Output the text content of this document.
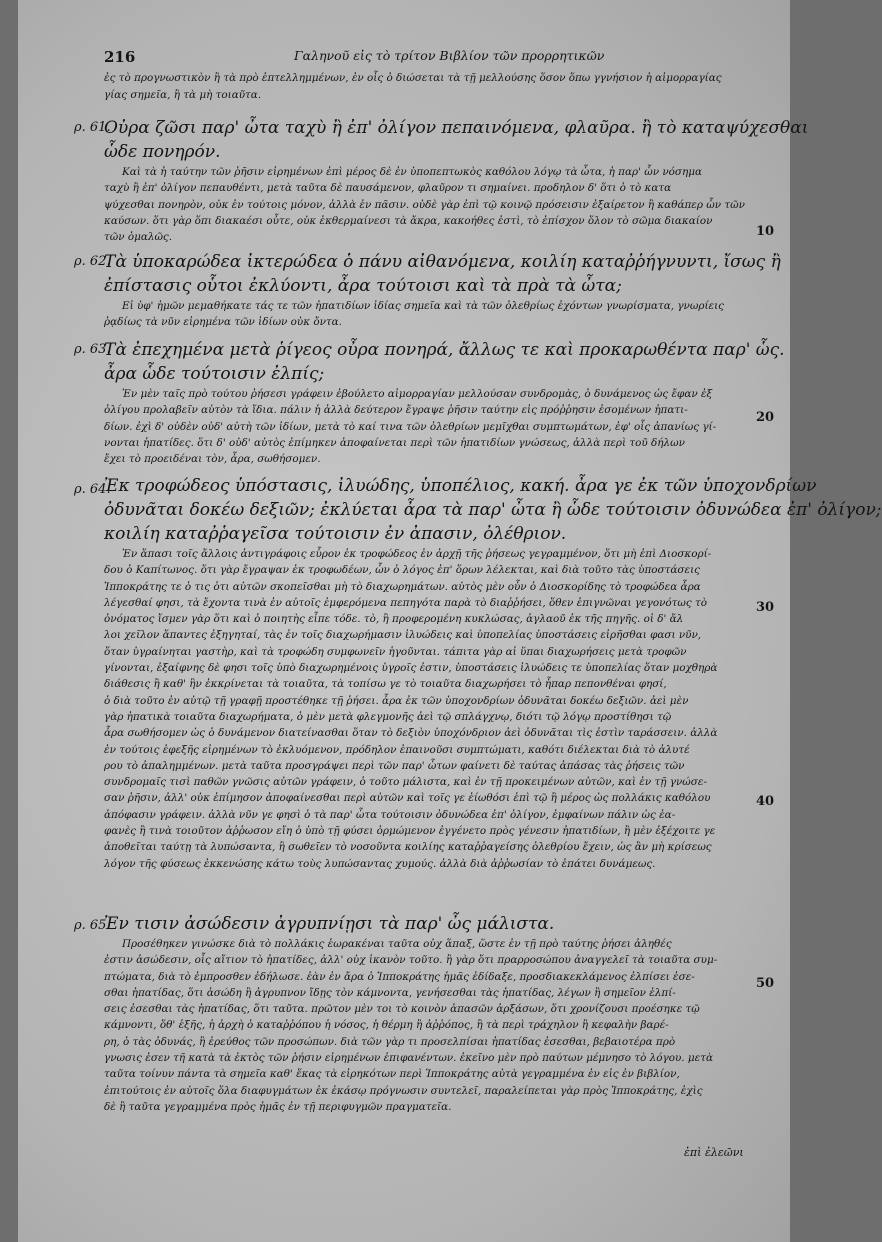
216	Γαληνοῦ εἰς τὸ τρίτον Βιβλίον τῶν προρρητικῶν

ἐς τὸ προγνωστικὸν ἢ τὰ πρὸ ἐπτελλημμένων, ἐν οἷς ὁ διώσεται τὰ τῇ μελλούσης ὅσον ὅπω γγνήσιον ἡ αἱμορραγίας

γίας σημεῖα, ἢ τὰ μὴ τοιαῦτα.

Οὐρα ζῶσι παρ' ὦτα ταχὺ ἢ ἐπ' ὀλίγον πεπαινόμενα, φλαῦρα. ἢ τὸ καταψύχεσθαι

ὧδε πονηρόν.

Καὶ τὰ ἡ ταύτην τῶν ῥῆσιν εἰρημένων ἐπὶ μέρος δὲ ἐν ὑποπεπτωκὸς καθόλου λόγῳ τὰ ὦτα, ἡ παρ' ὧν νόσημα

ταχὺ ἢ ἐπ' ὀλίγον πεπαυθέντι, μετὰ ταῦτα δὲ παυσάμενον, φλαῦρον τι σημαίνει. προδηλον δ' ὅτι ὁ τὸ κατα

ψύχεσθαι πονηρὸν, οὐκ ἐν τούτοις μόνον, ἀλλὰ ἐν πᾶσιν. οὐδὲ γὰρ ἐπὶ τῷ κοινῷ πρόσεισιν ἐξαίρετον ἢ καθάπερ ὧν τῶν

καύσων. ὅτι γὰρ ὅπι διακαέσι οὖτε, οὐκ ἐκθερμαίνεσι τὰ ἄκρα, κακοήθες ἐστὶ, τὸ ἐπίσχον ὅλον τὸ σῶμα διακαίον

τῶν ὁμαλῶς.

Τὰ ὑποκαρώδεα ἰκτερώδεα ὁ πάνυ αἰθανόμενα, κοιλίη καταῤῥήγνυντι, ἴσως ἢ

ἐπίστασις οὗτοι ἐκλύοντι, ἆρα τούτοισι καὶ τὰ πρὰ τὰ ὦτα;

Εἰ ὑφ' ἡμῶν μεμαθήκατε τάς τε τῶν ἠπατιδίων ἰδίας σημεῖα καὶ τὰ τῶν ὀλεθρίως ἐχόντων γνωρίσματα, γνωρίεις

ῥᾳδίως τὰ νῦν εἰρημένα τῶν ἰδίων οὐκ ὄντα.

Τὰ ἐπεχημένα μετὰ ῥίγεος οὖρα πονηρά, ἄλλως τε καὶ προκαρωθέντα παρ' ὧς.

ἆρα ὧδε τούτοισιν ἐλπίς;

Ἐν μὲν ταῖς πρὸ τούτου ῥήσεσι γράφειν ἐβούλετο αἱμορραγίαν μελλούσαν συνδρομὰς, ὁ δυνάμενος ὡς ἔφαν ἐξ

ὀλίγου προλαβεῖν αὐτὸν τὰ ἴδια. πάλιν ἡ ἀλλὰ δεύτερον ἔγραψε ῥῆσιν ταύτην εἰς πρόῤῥησιν ἐσομένων ἠπατι-

δίων. ἐχὶ δ' οὐδὲν οὐδ' αὐτὴ τῶν ἰδίων, μετὰ τὸ καί τινα τῶν ὀλεθρίων μεμῖχθαι συμπτωμάτων, ἐφ' οἷς ἀπανίως γί-

νονται ἠπατίδες. ὅτι δ' οὐδ' αὐτὸς ἐπίμηκεν ἀποφαίνεται περὶ τῶν ἠπατιδίων γνώσεως, ἀλλὰ περὶ τοῦ δήλων

ἔχει τὸ προειδέναι τὸν, ἆρα, σωθήσομεν.

Ἐκ τροφώδεος ὑπόστασις, ἰλυώδης, ὑποπέλιος, κακή. ἆρα γε ἐκ τῶν ὑποχονδρίων

ὀδυνᾶται δοκέω δεξιῶν; ἐκλύεται ἆρα τὰ παρ' ὦτα ἢ ὧδε τούτοισιν ὀδυνώδεα ἐπ' ὀλίγον;

κοιλίη καταῤῥαγεῖσα τούτοισιν ἐν ἀπασιν, ὀλέθριον.

Ἐν ἅπασι τοῖς ἄλλοις ἀντιγράφοις εὗρον ἐκ τροφώδεος ἐν ἀρχῇ τῆς ῥήσεως γεγραμμένον, ὅτι μὴ ἐπὶ Διοσκορί-

δου ὁ Καπίτωνος. ὅτι γὰρ ἔγραψαν ἐκ τροφωδέων, ὧν ὁ λόγος ἐπ' ὅρων λέλεκται, καὶ διὰ τοῦτο τὰς ὑποστάσεις

Ἱπποκράτης τε ὁ τις ὁτι αὐτῶν σκοπεῖσθαι μὴ τὸ διαχωρημάτων. αὐτὸς μὲν οὖν ὁ Διοσκορίδης τὸ τροφώδεα ἆρα

λέγεσθαί φησι, τὰ ἔχοντα τινὰ ἐν αὐτοῖς ἐμφερόμενα πεπηγότα παρὰ τὸ διαῤῥήσει, ὅθεν ἐπιγνῶναι γεγονότως τὸ

ὀνόματος ἴσμεν γὰρ ὅτι καὶ ὁ ποιητὴς εἶπε τόδε. τὸ, ἢ προφερομένη κυκλώσας, ἀγλαοῦ ἐκ τῆς πηγῆς. οἱ δ' ἄλ

λοι χεῖλον ἅπαντες ἐξηγηταί, τὰς ἐν τοῖς διαχωρήμασιν ἰλυώδεις καὶ ὑποπελίας ὑποστάσεις εἰρῆσθαι φασι νῦν,

ὅταν ὑγραίνηται γαστὴρ, καὶ τὰ τροφώδη συμφωνεῖν ἡγοῦνται. τάπιτα γὰρ αἱ ὕπαι διαχωρήσεις μετὰ τροφῶν

γίνονται, ἐξαίφνης δὲ φησι τοῖς ὑπὸ διαχωρημένοις ὑγροῖς ἐστιν, ὑποστάσεις ἰλυώδεις τε ὑποπελίας ὅταν μοχθηρὰ

διάθεσις ἢ καθ' ἣν ἐκκρίνεται τὰ τοιαῦτα, τὰ τοπίσω γε τὸ τοιαῦτα διαχωρήσει τὸ ἧπαρ πεπονθέναι φησί,

ὁ διὰ τοῦτο ἐν αὐτῷ τῇ γραφῇ προστέθηκε τῇ ῥήσει. ἆρα ἐκ τῶν ὑποχονδρίων ὀδυνᾶται δοκέω δεξιῶν. ἀεὶ μὲν

γὰρ ἠπατικὰ τοιαῦτα διαχωρήματα, ὁ μὲν μετὰ φλεγμονῆς ἀεὶ τῷ σπλάγχνῳ, διότι τῷ λόγῳ προστίθησι τῷ

ἆρα σωθήσομεν ὡς ὁ δυνάμενον διατείνασθαι ὅταν τὸ δεξιὸν ὑποχόνδριον ἀεὶ ὀδυνᾶται τὶς ἐστὶν ταράσσειν. ἀλλὰ

ἐν τούτοις ἐφεξῆς εἰρημένων τὸ ἐκλυόμενον, πρόδηλον ἐπαινοῦσι συμπτώματι, καθότι διέλεκται διὰ τὸ ἀλυτέ

ρου τὸ ἀπαλημμένων. μετὰ ταῦτα προσγράψει περὶ τῶν παρ' ὦτων φαίνετι δὲ ταύτας ἁπάσας τὰς ῥήσεις τῶν

συνδρομαῖς τισὶ παθῶν γνῶσις αὐτῶν γράφειν, ὁ τοῦτο μάλιστα, καὶ ἐν τῇ προκειμένων αὐτῶν, καὶ ἐν τῇ γνώσε-

σαν ῥῆσιν, ἀλλ' οὐκ ἐπίμησον ἀποφαίνεσθαι περὶ αὐτῶν καὶ τοῖς γε ἐίωθόσι ἐπὶ τῷ ἢ μέρος ὡς πολλάκις καθόλου

ἀπόφασιν γράφειν. ἀλλὰ νῦν γε φησὶ ὁ τὰ παρ' ὦτα τούτοισιν ὀδυνώδεα ἐπ' ὀλίγον, ἐμφαίνων πάλιν ὡς ἐα-

φανὲς ἢ τινὰ τοιοῦτον ἀῤῥωσον εἴη ὁ ὑπὸ τῇ φύσει ὁρμώμενον ἐγγένετο πρὸς γένεσιν ἠπατιδίων, ἢ μὲν ἐξέχοιτε γε

ἀποθεῖται ταύτῃ τὰ λυπώσαντα, ἢ σωθεῖεν τὸ νοσοῦντα κοιλίης καταῤῥαγείσης ὀλεθρίου ἔχειν, ὡς ἂν μὴ κρίσεως

λόγον τῆς φύσεως ἐκκενώσης κάτω τοὺς λυπώσαντας χυμούς. ἀλλὰ διὰ ἀῤῥωσίαν τὸ ἐπάτει δυνάμεως.

Ἐν τισιν ἀσώδεσιν ἀγρυπνίῃσι τὰ παρ' ὦς μάλιστα.

Προσέθηκεν γινώσκε διὰ τὸ πολλάκις ἑωρακέναι ταῦτα οὐχ ἅπαξ, ὥστε ἐν τῇ πρὸ ταύτης ῥήσει ἀληθές

ἐστιν ἀσώδεσιν, οἷς αἴτιον τὸ ἠπατίδες, ἀλλ' οὐχ ἱκανὸν τοῦτο. ἢ γὰρ ὅτι πραρροσώπου ἀναγγελεῖ τὰ τοιαῦτα συμ-

πτώματα, διὰ τὸ ἐμπροσθεν ἐδήλωσε. ἐὰν ἐν ἄρα ὁ Ἱπποκράτης ἡμᾶς ἐδίδαξε, προσδιακεκλάμενος ἐλπίσει ἐσε-

σθαι ἠπατίδας, ὅτι ἀσώδη ἢ ἀγρυπνον ἴδῃς τὸν κάμνοντα, γενήσεσθαι τὰς ἠπατίδας, λέγων ἢ σημεῖον ἐλπί-

σεις ἐσεσθαι τὰς ἠπατίδας, ὅτι ταῦτα. πρῶτον μὲν τοι τὸ κοινὸν ἁπασῶν ἀρξάσων, ὅτι χρονίζουσι προέσηκε τῷ

κάμνοντι, ὅθ' ἑξῆς, ἡ ἀρχὴ ὁ καταῤῥόπου ἡ νόσος, ἡ θέρμη ἢ ἀῤῥόπος, ἢ τὰ περὶ τράχηλον ἢ κεφαλὴν βαρέ-

ρη, ὁ τὰς ὀδυνάς, ἢ ἐρεύθος τῶν προσώπων. διὰ τῶν γὰρ τι προσελπίσαι ἠπατίδας ἐσεσθαι, βεβαιοτέρα πρὸ

γνωσις ἐσεν τῆ κατὰ τὰ ἐκτὸς τῶν ῥήσιν εἰρημένων ἐπιφανέντων. ἐκεῖνο μὲν πρὸ παύτων μέμνησο τὸ λόγου. μετὰ

ταῦτα τοίνυν πάντα τὰ σημεῖα καθ' ἕκας τὰ εἰρηκότων περὶ Ἱπποκράτης αὐτὰ γεγραμμένα ἐν εἰς ἐν βιβλίον,

ἐπιτούτοις ἐν αὐτοῖς ὅλα διαφυγμάτων ἐκ ἐκάσῳ πρόγνωσιν συντελεῖ, παραλείπεται γὰρ πρὸς Ἱπποκράτης, ἐχὶς

δὲ ἢ ταῦτα γεγραμμένα πρὸς ἡμᾶς ἐν τῇ περιφυγμῶν πραγματεῖα.

ρ. 61.
ρ. 62.
ρ. 63.
ρ. 64.
ρ. 65.
10
20
30
40
50
ἐπὶ ἐλεῶνι
